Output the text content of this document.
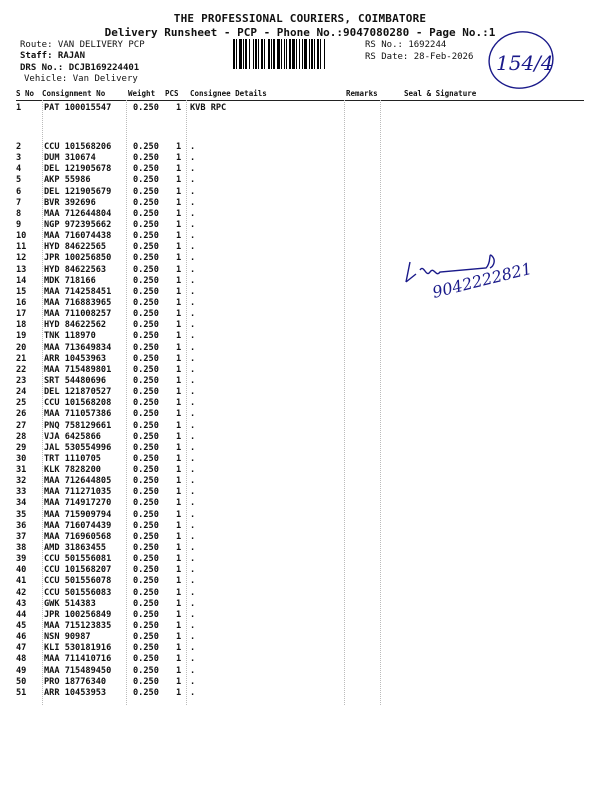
THE PROFESSIONAL COURIERS, COIMBATORE
Delivery Runsheet - PCP - Phone No.:9047080280 - Page No.:1
Route: VAN DELIVERY PCP
Staff: RAJAN
DRS No.: DCJB169224401
Vehicle: Van Delivery
RS No.: 1692244
RS Date: 28-Feb-2026 154/4
9042222821
S No Consignment No	Weight PCS Consignee Details	Remarks	Seal & Signature
1	PAT 100015547	0.250 1 KVB RPC
2	CCU 101568206	0.250 1 .
3	DUM 310674	0.250 1 .
4	DEL 121905678	0.250 1 .
5	AKP 55986	0.250 1 .
6	DEL 121905679	0.250 1 .
7	BVR 392696	0.250 1 .
8	MAA 712644804	0.250 1 .
9	NGP 972395662	0.250 1 .
10 MAA 716074438	0.250 1 .
11 HYD 84622565	0.250 1 .
12 JPR 100256850	0.250 1 .
13 HYD 84622563	0.250 1 .
14 MDK 718166	0.250 1 .
15 MAA 714258451	0.250 1 .
16 MAA 716883965	0.250 1 .
17 MAA 711008257	0.250 1 .
18 HYD 84622562	0.250 1 .
19 TNK 118970	0.250 1 .
20 MAA 713649834	0.250 1 .
21 ARR 10453963	0.250 1 .
22 MAA 715489801	0.250 1 .
23 SRT 54480696	0.250 1 .
24 DEL 121870527	0.250 1 .
25 CCU 101568208	0.250 1 .
26 MAA 711057386	0.250 1 .
27 PNQ 758129661	0.250 1 .
28 VJA 6425866	0.250 1 .
29 JAL 530554996	0.250 1 .
30 TRT 1110705	0.250 1 .
31 KLK 7828200	0.250 1 .
32 MAA 712644805	0.250 1 .
33 MAA 711271035	0.250 1 .
34 MAA 714917270	0.250 1 .
35 MAA 715909794	0.250 1 .
36 MAA 716074439	0.250 1 .
37 MAA 716960568	0.250 1 .
38 AMD 31863455	0.250 1 .
39 CCU 501556081	0.250 1 .
40 CCU 101568207	0.250 1 .
41 CCU 501556078	0.250 1 .
42 CCU 501556083	0.250 1 .
43 GWK 514383	0.250 1 .
44 JPR 100256849	0.250 1 .
45 MAA 715123835	0.250 1 .
46 NSN 90987	0.250 1 .
47 KLI 530181916	0.250 1 .
48 MAA 711410716	0.250 1 .
49 MAA 715489450	0.250 1 .
50 PRO 18776340	0.250 1 .
51 ARR 10453953	0.250 1 .
